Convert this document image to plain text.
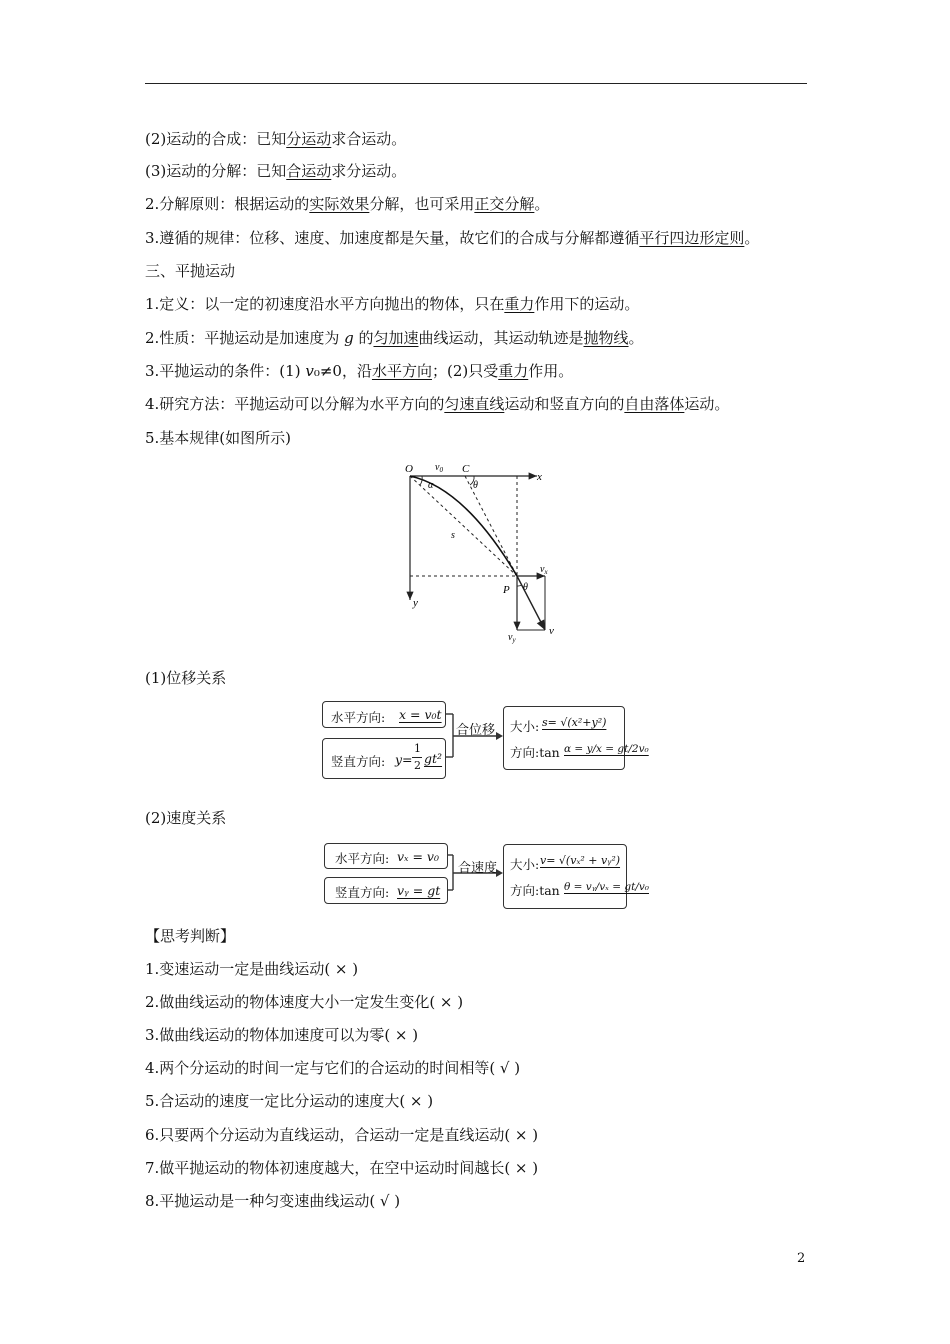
(2)运动的合成：已知分运动求合运动。
(3)运动的分解：已知合运动求分运动。
2.分解原则：根据运动的实际效果分解，也可采用正交分解。
3.遵循的规律：位移、速度、加速度都是矢量，故它们的合成与分解都遵循平行四边形定则。
三、平抛运动
1.定义：以一定的初速度沿水平方向抛出的物体，只在重力作用下的运动。
2.性质：平抛运动是加速度为 g 的匀加速曲线运动，其运动轨迹是抛物线。
3.平抛运动的条件：(1) v₀≠0，沿水平方向；(2)只受重力作用。
4.研究方法：平抛运动可以分解为水平方向的匀速直线运动和竖直方向的自由落体运动。
5.基本规律(如图所示)
O $v_0$ C
θ
α
x
s
$v_x$
P θ
y
$v_y$
v
(1)位移关系
水平方向: x = v₀t
竖直方向: y=
1
2 gt²
合位移 大小: s= √(x²+y²)
方向:tan α = y/x = gt/2v₀
(2)速度关系
水平方向: vₓ = v₀
竖直方向: vᵧ = gt
合速度 大小: v= √(vₓ² + vᵧ²)
方向:tan θ = vᵧ/vₓ = gt/v₀
【思考判断】
1.变速运动一定是曲线运动( × )
2.做曲线运动的物体速度大小一定发生变化( × )
3.做曲线运动的物体加速度可以为零( × )
4.两个分运动的时间一定与它们的合运动的时间相等( √ )
5.合运动的速度一定比分运动的速度大( × )
6.只要两个分运动为直线运动，合运动一定是直线运动( × )
7.做平抛运动的物体初速度越大，在空中运动时间越长( × )
8.平抛运动是一种匀变速曲线运动( √ )
2
